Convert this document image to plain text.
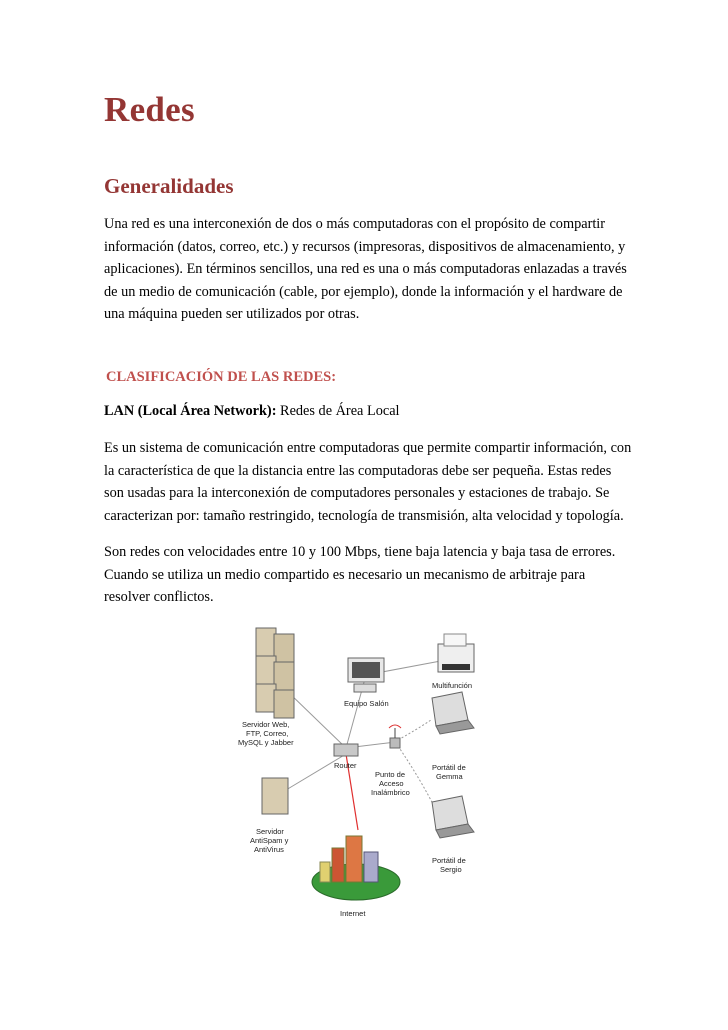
Redes
Generalidades

Una red es una interconexión de dos o más computadoras con el propósito de compartir información (datos, correo, etc.) y recursos (impresoras, dispositivos de almacenamiento, y aplicaciones). En términos sencillos, una red es una o más computadoras enlazadas a través de un medio de comunicación (cable, por ejemplo), donde la información y el hardware de una máquina pueden ser utilizados por otras.

CLASIFICACIÓN DE LAS REDES:

LAN (Local Área Network): Redes de Área Local

Es un sistema de comunicación entre computadoras que permite compartir información, con la característica de que la distancia entre las computadoras debe ser pequeña. Estas redes son usadas para la interconexión de computadores personales y estaciones de trabajo. Se caracterizan por: tamaño restringido, tecnología de transmisión, alta velocidad y topología.

Son redes con velocidades entre 10 y 100 Mbps, tiene baja latencia y baja tasa de errores. Cuando se utiliza un medio compartido es necesario un mecanismo de arbitraje para resolver conflictos.

Servidor Web,
FTP, Correo,
MySQL y Jabber
Equipo Salón
Multifunción
Router
Punto de
Acceso
Inalámbrico
Portátil de
Gemma
Servidor
AntiSpam y
AntiVirus
Portátil de
Sergio
Internet
